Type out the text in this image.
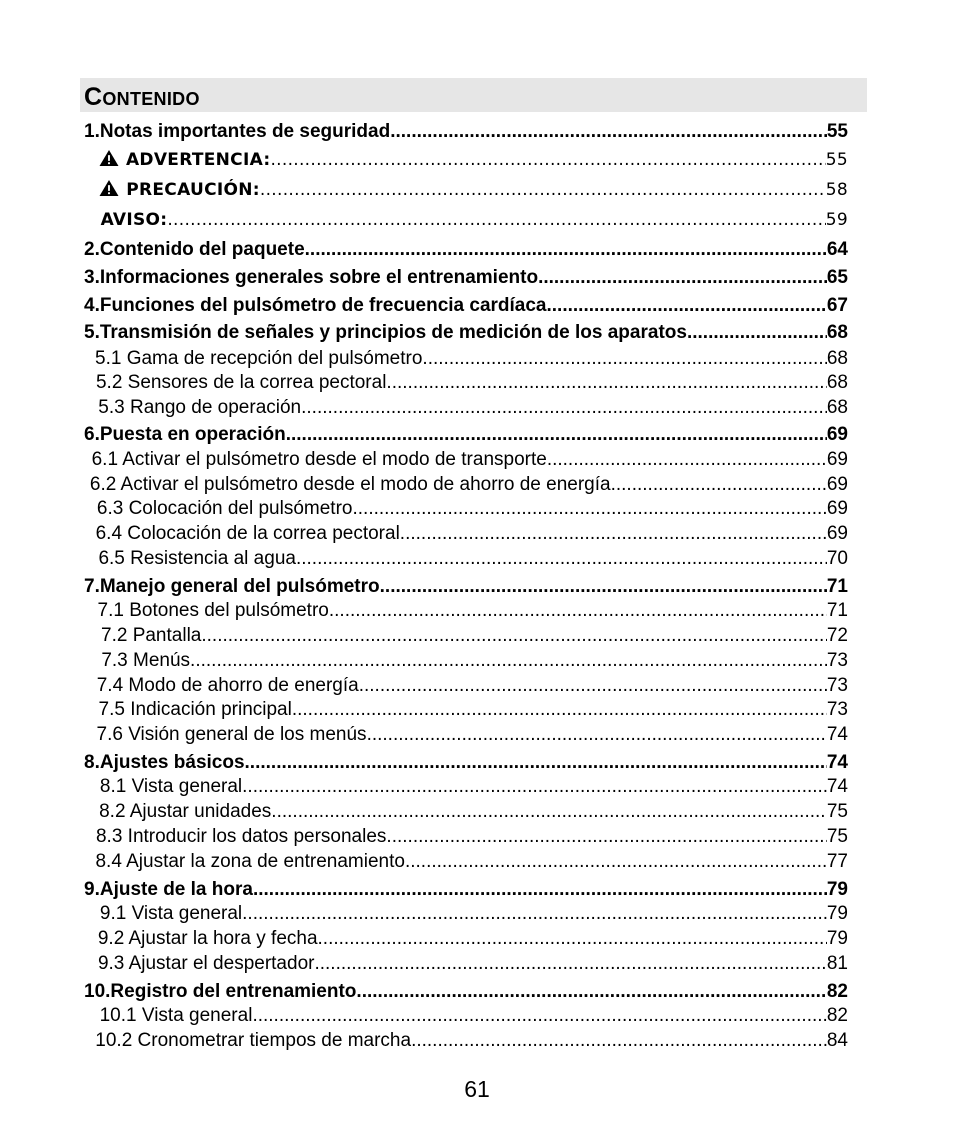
Contenido
1. Notas importantes de seguridad .....	55
ADVERTENCIA: .....	55
PRECAUCIÓN: .....	58
AVISO: .....	59
2. Contenido del paquete .....	64
3. Informaciones generales sobre el entrenamiento .....	65
4. Funciones del pulsómetro de frecuencia cardíaca .....	67
5. Transmisión de señales y principios de medición de los aparatos .....	68
5.1 Gama de recepción del pulsómetro .....	68
5.2 Sensores de la correa pectoral .....	68
5.3 Rango de operación .....	68
6. Puesta en operación .....	69
6.1 Activar el pulsómetro desde el modo de transporte .....	69
6.2 Activar el pulsómetro desde el modo de ahorro de energía .....	69
6.3 Colocación del pulsómetro .....	69
6.4 Colocación de la correa pectoral .....	69
6.5 Resistencia al agua .....	70
7. Manejo general del pulsómetro .....	71
7.1 Botones del pulsómetro .....	71
7.2 Pantalla .....	72
7.3 Menús .....	73
7.4 Modo de ahorro de energía .....	73
7.5 Indicación principal .....	73
7.6 Visión general de los menús .....	74
8. Ajustes básicos .....	74
8.1 Vista general .....	74
8.2 Ajustar unidades .....	75
8.3 Introducir los datos personales .....	75
8.4 Ajustar la zona de entrenamiento .....	77
9. Ajuste de la hora .....	79
9.1 Vista general .....	79
9.2 Ajustar la hora y fecha .....	79
9.3 Ajustar el despertador .....	81
10. Registro del entrenamiento .....	82
10.1 Vista general .....	82
10.2 Cronometrar tiempos de marcha .....	84
61
